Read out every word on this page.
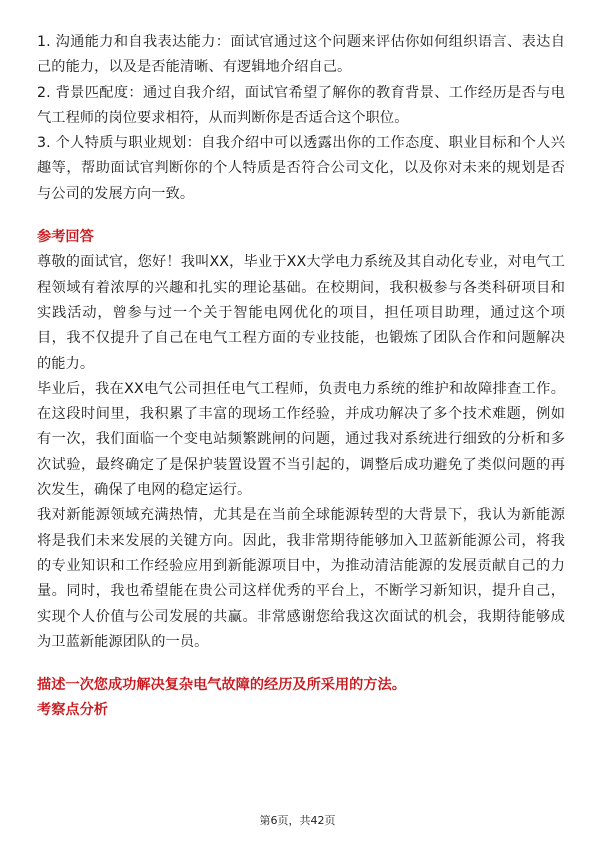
1. 沟通能力和自我表达能力：面试官通过这个问题来评估你如何组织语言、表达自己的能力，以及是否能清晰、有逻辑地介绍自己。

2. 背景匹配度：通过自我介绍，面试官希望了解你的教育背景、工作经历是否与电气工程师的岗位要求相符，从而判断你是否适合这个职位。

3. 个人特质与职业规划：自我介绍中可以透露出你的工作态度、职业目标和个人兴趣等，帮助面试官判断你的个人特质是否符合公司文化，以及你对未来的规划是否与公司的发展方向一致。

参考回答

尊敬的面试官，您好！我叫XX，毕业于XX大学电力系统及其自动化专业，对电气工程领域有着浓厚的兴趣和扎实的理论基础。在校期间，我积极参与各类科研项目和实践活动，曾参与过一个关于智能电网优化的项目，担任项目助理，通过这个项目，我不仅提升了自己在电气工程方面的专业技能，也锻炼了团队合作和问题解决的能力。

毕业后，我在XX电气公司担任电气工程师，负责电力系统的维护和故障排查工作。在这段时间里，我积累了丰富的现场工作经验，并成功解决了多个技术难题，例如有一次，我们面临一个变电站频繁跳闸的问题，通过我对系统进行细致的分析和多次试验，最终确定了是保护装置设置不当引起的，调整后成功避免了类似问题的再次发生，确保了电网的稳定运行。

我对新能源领域充满热情，尤其是在当前全球能源转型的大背景下，我认为新能源将是我们未来发展的关键方向。因此，我非常期待能够加入卫蓝新能源公司，将我的专业知识和工作经验应用到新能源项目中，为推动清洁能源的发展贡献自己的力量。同时，我也希望能在贵公司这样优秀的平台上，不断学习新知识，提升自己，实现个人价值与公司发展的共赢。非常感谢您给我这次面试的机会，我期待能够成为卫蓝新能源团队的一员。

描述一次您成功解决复杂电气故障的经历及所采用的方法。

考察点分析

第6页，共42页
